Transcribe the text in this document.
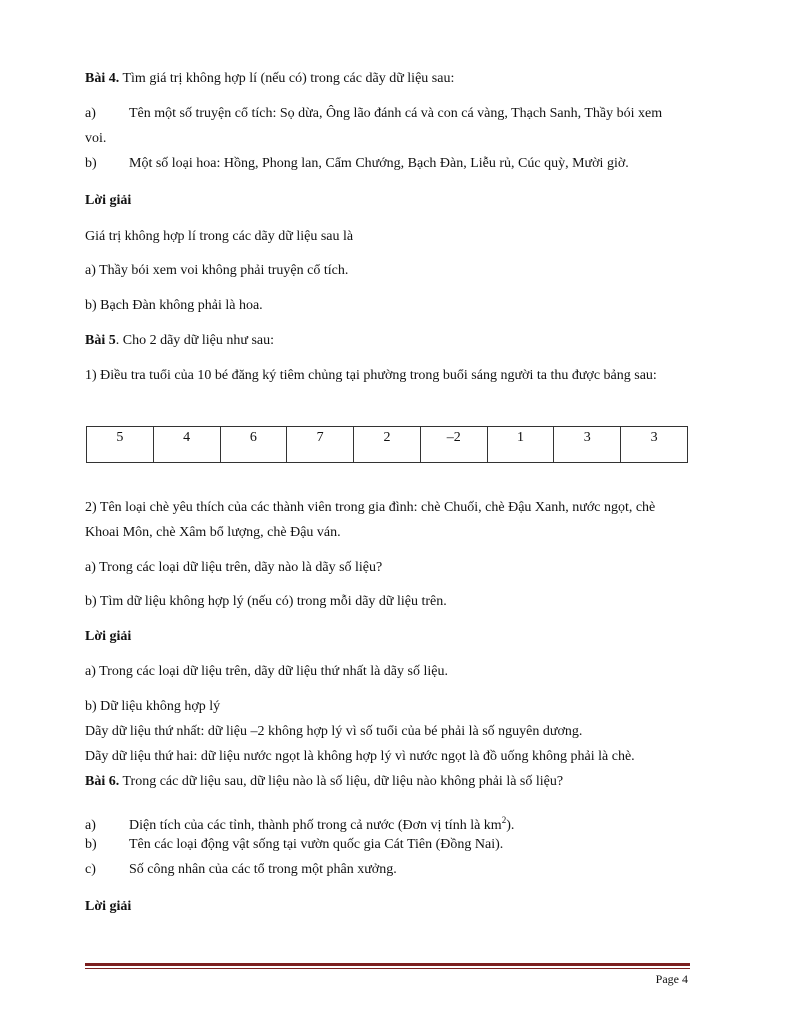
Bài 4. Tìm giá trị không hợp lí (nếu có) trong các dãy dữ liệu sau:
a) Tên một số truyện cổ tích: Sọ dừa, Ông lão đánh cá và con cá vàng, Thạch Sanh, Thầy bói xem
voi.
b) Một số loại hoa: Hồng, Phong lan, Cẩm Chướng, Bạch Đàn, Liễu rủ, Cúc quỳ, Mười giờ.
Lời giải
Giá trị không hợp lí trong các dãy dữ liệu sau là
a) Thầy bói xem voi không phải truyện cổ tích.
b) Bạch Đàn không phải là hoa.
Bài 5. Cho 2 dãy dữ liệu như sau:
1) Điều tra tuổi của 10 bé đăng ký tiêm chủng tại phường trong buổi sáng người ta thu được bảng sau:
5	4	6	7	2	–2	1	3	3
2) Tên loại chè yêu thích của các thành viên trong gia đình: chè Chuối, chè Đậu Xanh, nước ngọt, chè
Khoai Môn, chè Xâm bổ lượng, chè Đậu ván.
a) Trong các loại dữ liệu trên, dãy nào là dãy số liệu?
b) Tìm dữ liệu không hợp lý (nếu có) trong mỗi dãy dữ liệu trên.
Lời giải
a) Trong các loại dữ liệu trên, dãy dữ liệu thứ nhất là dãy số liệu.
b) Dữ liệu không hợp lý
Dãy dữ liệu thứ nhất: dữ liệu –2 không hợp lý vì số tuổi của bé phải là số nguyên dương.
Dãy dữ liệu thứ hai: dữ liệu nước ngọt là không hợp lý vì nước ngọt là đồ uống không phải là chè.
Bài 6. Trong các dữ liệu sau, dữ liệu nào là số liệu, dữ liệu nào không phải là số liệu?
a) Diện tích của các tỉnh, thành phố trong cả nước (Đơn vị tính là $km^2$).
b) Tên các loại động vật sống tại vườn quốc gia Cát Tiên (Đồng Nai).
c) Số công nhân của các tổ trong một phân xưởng.
Lời giải
Page 4
